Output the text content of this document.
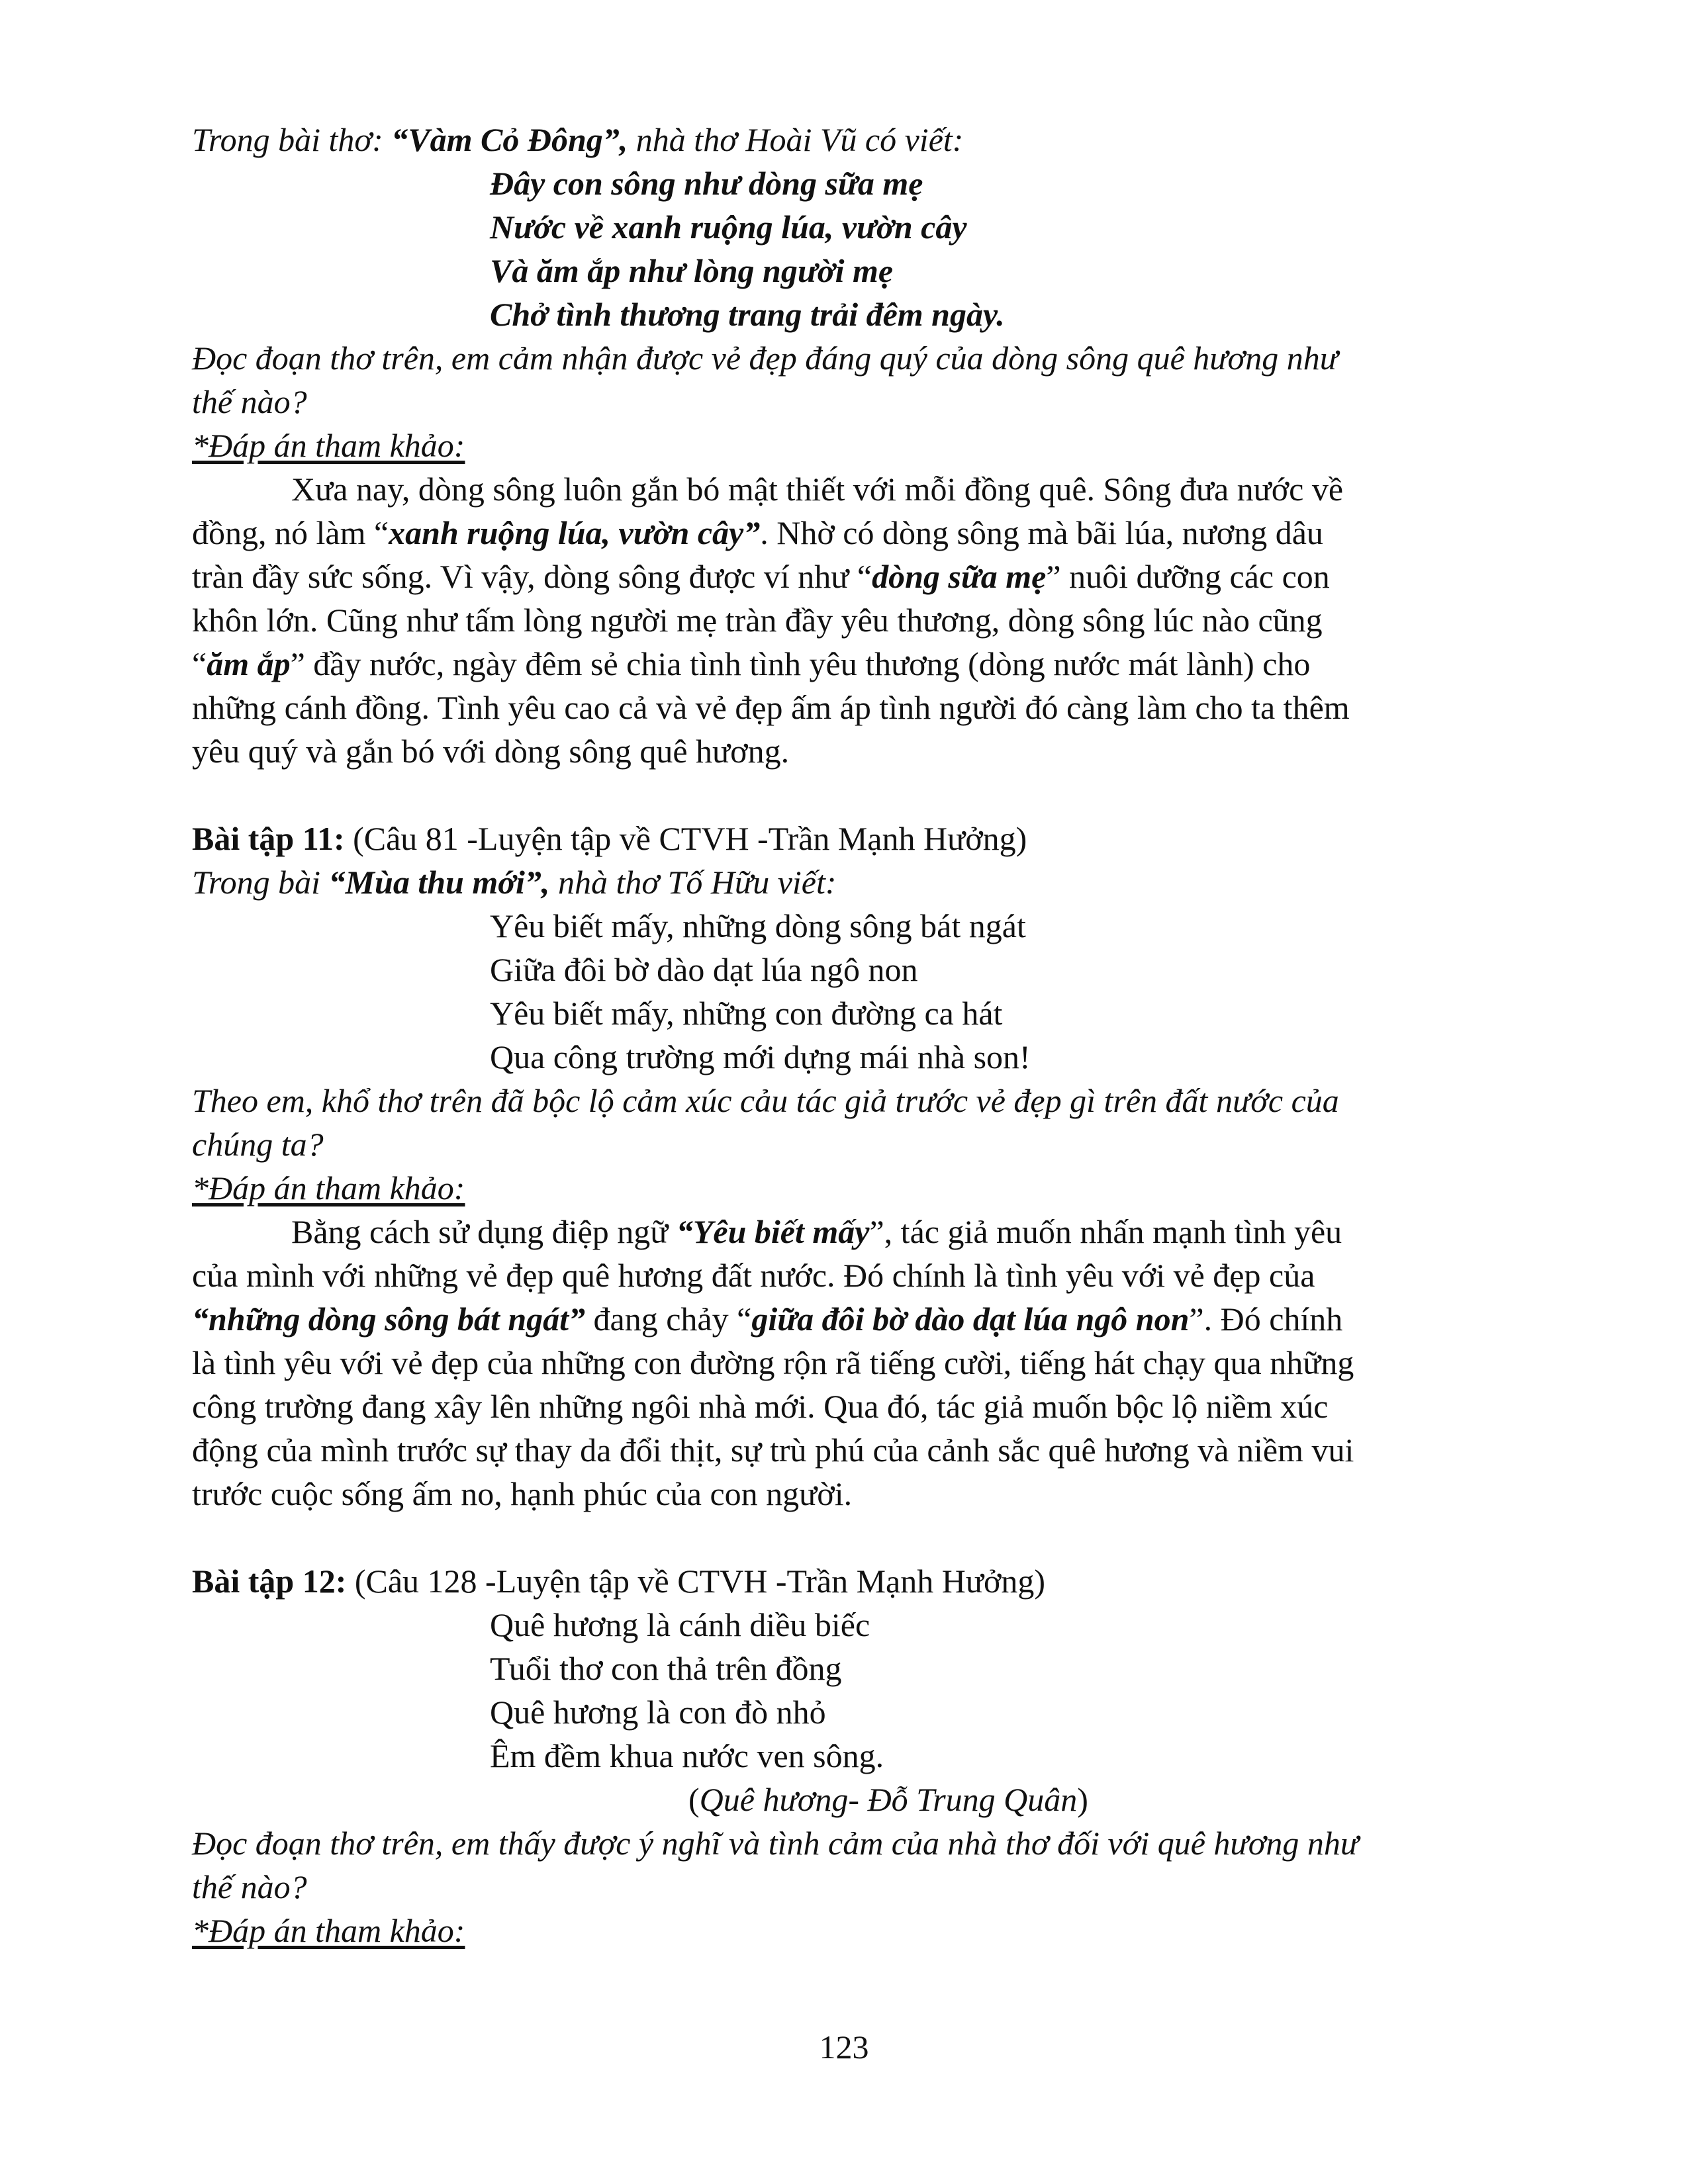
Trong bài thơ: “Vàm Cỏ Đông”, nhà thơ Hoài Vũ có viết:
Đây con sông như dòng sữa mẹ
Nước về xanh ruộng lúa, vườn cây
Và ăm ắp như lòng người mẹ
Chở tình thương trang trải đêm ngày.
Đọc đoạn thơ trên, em cảm nhận được vẻ đẹp đáng quý của dòng sông quê hương như
thế nào?
*Đáp án tham khảo:
Xưa nay, dòng sông luôn gắn bó mật thiết với mỗi đồng quê. Sông đưa nước về
đồng, nó làm “xanh ruộng lúa, vườn cây”. Nhờ có dòng sông mà bãi lúa, nương dâu
tràn đầy sức sống. Vì vậy, dòng sông được ví như “dòng sữa mẹ” nuôi dưỡng các con
khôn lớn. Cũng như tấm lòng người mẹ tràn đầy yêu thương, dòng sông lúc nào cũng
“ăm ắp” đầy nước, ngày đêm sẻ chia tình tình yêu thương (dòng nước mát lành) cho
những cánh đồng. Tình yêu cao cả và vẻ đẹp ấm áp tình người đó càng làm cho ta thêm
yêu quý và gắn bó với dòng sông quê hương.
Bài tập 11: (Câu 81 -Luyện tập về CTVH -Trần Mạnh Hưởng)
Trong bài “Mùa thu mới”, nhà thơ Tố Hữu viết:
Yêu biết mấy, những dòng sông bát ngát
Giữa đôi bờ dào dạt lúa ngô non
Yêu biết mấy, những con đường ca hát
Qua công trường mới dựng mái nhà son!
Theo em, khổ thơ trên đã bộc lộ cảm xúc cảu tác giả trước vẻ đẹp gì trên đất nước của
chúng ta?
*Đáp án tham khảo:
Bằng cách sử dụng điệp ngữ “Yêu biết mấy”, tác giả muốn nhấn mạnh tình yêu
của mình với những vẻ đẹp quê hương đất nước. Đó chính là tình yêu với vẻ đẹp của
“những dòng sông bát ngát” đang chảy “giữa đôi bờ dào dạt lúa ngô non”. Đó chính
là tình yêu với vẻ đẹp của những con đường rộn rã tiếng cười, tiếng hát chạy qua những
công trường đang xây lên những ngôi nhà mới. Qua đó, tác giả muốn bộc lộ niềm xúc
động của mình trước sự thay da đổi thịt, sự trù phú của cảnh sắc quê hương và niềm vui
trước cuộc sống ấm no, hạnh phúc của con người.
Bài tập 12: (Câu 128 -Luyện tập về CTVH -Trần Mạnh Hưởng)
Quê hương là cánh diều biếc
Tuổi thơ con thả trên đồng
Quê hương là con đò nhỏ
Êm đềm khua nước ven sông.
(Quê hương- Đỗ Trung Quân)
Đọc đoạn thơ trên, em thấy được ý nghĩ và tình cảm của nhà thơ đối với quê hương như
thế nào?
*Đáp án tham khảo:
123
